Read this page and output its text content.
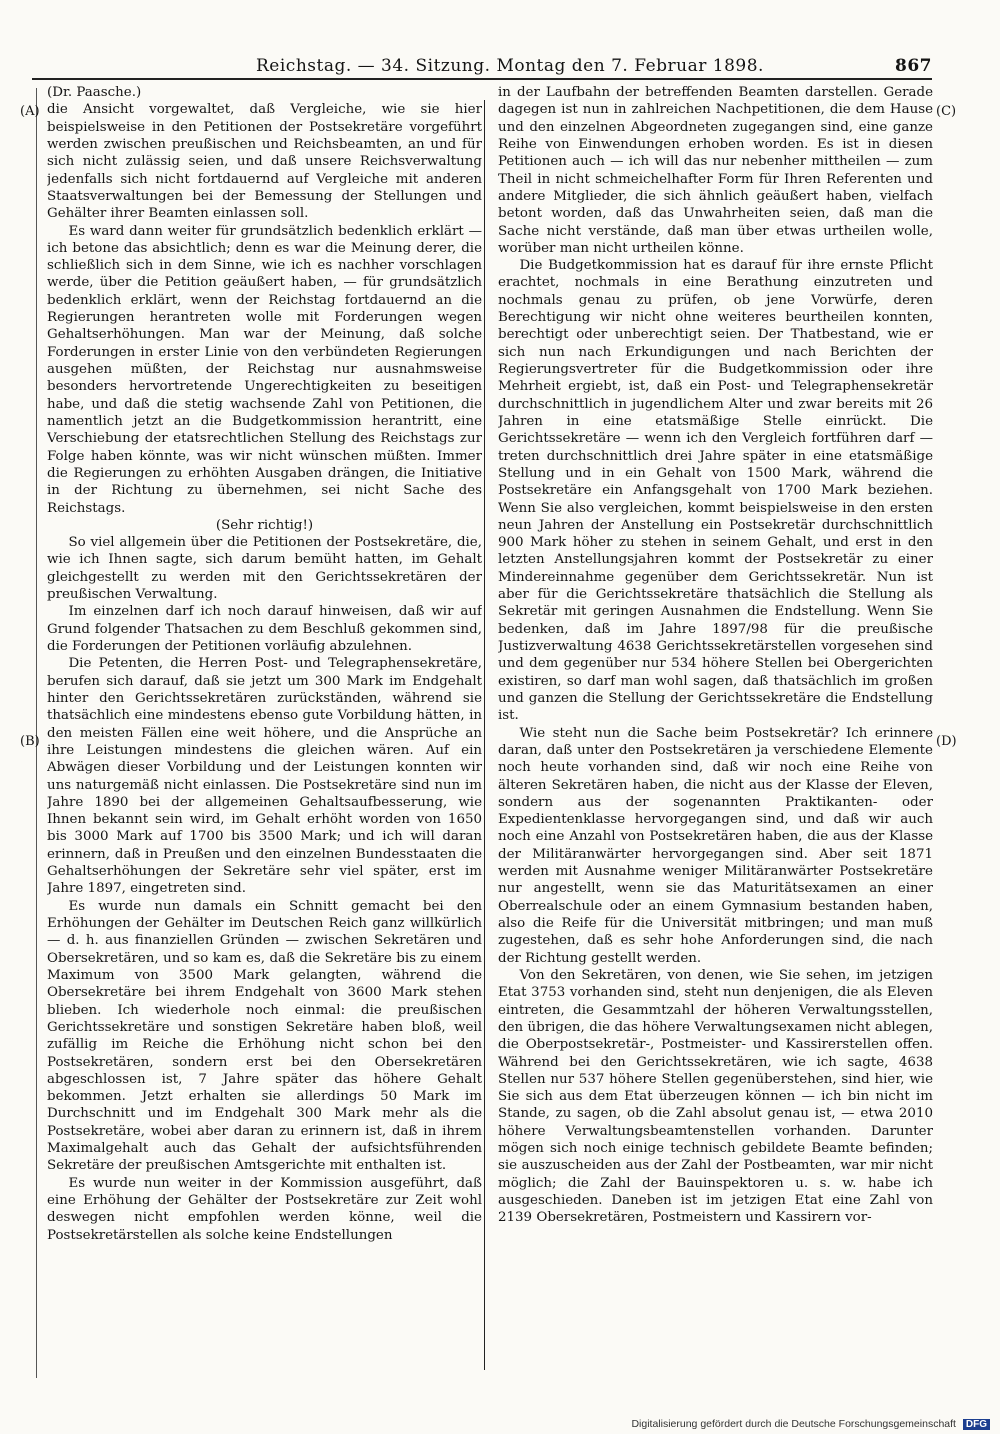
Reichstag. — 34. Sitzung. Montag den 7. Februar 1898.	867
(A)
(B)
(C)
(D)

(Dr. Paasche.)

die Ansicht vorgewaltet, daß Vergleiche, wie sie hier beispielsweise in den Petitionen der Postsekretäre vorgeführt werden zwischen preußischen und Reichsbeamten, an und für sich nicht zulässig seien, und daß unsere Reichsverwaltung jedenfalls sich nicht fortdauernd auf Vergleiche mit anderen Staatsverwaltungen bei der Bemessung der Stellungen und Gehälter ihrer Beamten einlassen soll.

Es ward dann weiter für grundsätzlich bedenklich erklärt — ich betone das absichtlich; denn es war die Meinung derer, die schließlich sich in dem Sinne, wie ich es nachher vorschlagen werde, über die Petition geäußert haben, — für grundsätzlich bedenklich erklärt, wenn der Reichstag fortdauernd an die Regierungen herantreten wolle mit Forderungen wegen Gehaltserhöhungen. Man war der Meinung, daß solche Forderungen in erster Linie von den verbündeten Regierungen ausgehen müßten, der Reichstag nur ausnahmsweise besonders hervortretende Ungerechtigkeiten zu beseitigen habe, und daß die stetig wachsende Zahl von Petitionen, die namentlich jetzt an die Budgetkommission herantritt, eine Verschiebung der etatsrechtlichen Stellung des Reichstags zur Folge haben könnte, was wir nicht wünschen müßten. Immer die Regierungen zu erhöhten Ausgaben drängen, die Initiative in der Richtung zu übernehmen, sei nicht Sache des Reichstags.

(Sehr richtig!)

So viel allgemein über die Petitionen der Postsekretäre, die, wie ich Ihnen sagte, sich darum bemüht hatten, im Gehalt gleichgestellt zu werden mit den Gerichtssekretären der preußischen Verwaltung.

Im einzelnen darf ich noch darauf hinweisen, daß wir auf Grund folgender Thatsachen zu dem Beschluß gekommen sind, die Forderungen der Petitionen vorläufig abzulehnen.

Die Petenten, die Herren Post- und Telegraphensekretäre, berufen sich darauf, daß sie jetzt um 300 Mark im Endgehalt hinter den Gerichtssekretären zurückständen, während sie thatsächlich eine mindestens ebenso gute Vorbildung hätten, in den meisten Fällen eine weit höhere, und die Ansprüche an ihre Leistungen mindestens die gleichen wären. Auf ein Abwägen dieser Vorbildung und der Leistungen konnten wir uns naturgemäß nicht einlassen. Die Postsekretäre sind nun im Jahre 1890 bei der allgemeinen Gehaltsaufbesserung, wie Ihnen bekannt sein wird, im Gehalt erhöht worden von 1650 bis 3000 Mark auf 1700 bis 3500 Mark; und ich will daran erinnern, daß in Preußen und den einzelnen Bundesstaaten die Gehaltserhöhungen der Sekretäre sehr viel später, erst im Jahre 1897, eingetreten sind.

Es wurde nun damals ein Schnitt gemacht bei den Erhöhungen der Gehälter im Deutschen Reich ganz willkürlich — d. h. aus finanziellen Gründen — zwischen Sekretären und Obersekretären, und so kam es, daß die Sekretäre bis zu einem Maximum von 3500 Mark gelangten, während die Obersekretäre bei ihrem Endgehalt von 3600 Mark stehen blieben. Ich wiederhole noch einmal: die preußischen Gerichtssekretäre und sonstigen Sekretäre haben bloß, weil zufällig im Reiche die Erhöhung nicht schon bei den Postsekretären, sondern erst bei den Obersekretären abgeschlossen ist, 7 Jahre später das höhere Gehalt bekommen. Jetzt erhalten sie allerdings 50 Mark im Durchschnitt und im Endgehalt 300 Mark mehr als die Postsekretäre, wobei aber daran zu erinnern ist, daß in ihrem Maximalgehalt auch das Gehalt der aufsichtsführenden Sekretäre der preußischen Amtsgerichte mit enthalten ist.

Es wurde nun weiter in der Kommission ausgeführt, daß eine Erhöhung der Gehälter der Postsekretäre zur Zeit wohl deswegen nicht empfohlen werden könne, weil die Postsekretärstellen als solche keine Endstellungen

in der Laufbahn der betreffenden Beamten darstellen. Gerade dagegen ist nun in zahlreichen Nachpetitionen, die dem Hause und den einzelnen Abgeordneten zugegangen sind, eine ganze Reihe von Einwendungen erhoben worden. Es ist in diesen Petitionen auch — ich will das nur nebenher mittheilen — zum Theil in nicht schmeichelhafter Form für Ihren Referenten und andere Mitglieder, die sich ähnlich geäußert haben, vielfach betont worden, daß das Unwahrheiten seien, daß man die Sache nicht verstände, daß man über etwas urtheilen wolle, worüber man nicht urtheilen könne.

Die Budgetkommission hat es darauf für ihre ernste Pflicht erachtet, nochmals in eine Berathung einzutreten und nochmals genau zu prüfen, ob jene Vorwürfe, deren Berechtigung wir nicht ohne weiteres beurtheilen konnten, berechtigt oder unberechtigt seien. Der Thatbestand, wie er sich nun nach Erkundigungen und nach Berichten der Regierungsvertreter für die Budgetkommission oder ihre Mehrheit ergiebt, ist, daß ein Post- und Telegraphensekretär durchschnittlich in jugendlichem Alter und zwar bereits mit 26 Jahren in eine etatsmäßige Stelle einrückt. Die Gerichtssekretäre — wenn ich den Vergleich fortführen darf — treten durchschnittlich drei Jahre später in eine etatsmäßige Stellung und in ein Gehalt von 1500 Mark, während die Postsekretäre ein Anfangsgehalt von 1700 Mark beziehen. Wenn Sie also vergleichen, kommt beispielsweise in den ersten neun Jahren der Anstellung ein Postsekretär durchschnittlich 900 Mark höher zu stehen in seinem Gehalt, und erst in den letzten Anstellungsjahren kommt der Postsekretär zu einer Mindereinnahme gegenüber dem Gerichtssekretär. Nun ist aber für die Gerichtssekretäre thatsächlich die Stellung als Sekretär mit geringen Ausnahmen die Endstellung. Wenn Sie bedenken, daß im Jahre 1897/98 für die preußische Justizverwaltung 4638 Gerichtssekretärstellen vorgesehen sind und dem gegenüber nur 534 höhere Stellen bei Obergerichten existiren, so darf man wohl sagen, daß thatsächlich im großen und ganzen die Stellung der Gerichtssekretäre die Endstellung ist.

Wie steht nun die Sache beim Postsekretär? Ich erinnere daran, daß unter den Postsekretären ja verschiedene Elemente noch heute vorhanden sind, daß wir noch eine Reihe von älteren Sekretären haben, die nicht aus der Klasse der Eleven, sondern aus der sogenannten Praktikanten- oder Expedientenklasse hervorgegangen sind, und daß wir auch noch eine Anzahl von Postsekretären haben, die aus der Klasse der Militäranwärter hervorgegangen sind. Aber seit 1871 werden mit Ausnahme weniger Militäranwärter Postsekretäre nur angestellt, wenn sie das Maturitätsexamen an einer Oberrealschule oder an einem Gymnasium bestanden haben, also die Reife für die Universität mitbringen; und man muß zugestehen, daß es sehr hohe Anforderungen sind, die nach der Richtung gestellt werden.

Von den Sekretären, von denen, wie Sie sehen, im jetzigen Etat 3753 vorhanden sind, steht nun denjenigen, die als Eleven eintreten, die Gesammtzahl der höheren Verwaltungsstellen, den übrigen, die das höhere Verwaltungsexamen nicht ablegen, die Oberpostsekretär-, Postmeister- und Kassirerstellen offen. Während bei den Gerichtssekretären, wie ich sagte, 4638 Stellen nur 537 höhere Stellen gegenüberstehen, sind hier, wie Sie sich aus dem Etat überzeugen können — ich bin nicht im Stande, zu sagen, ob die Zahl absolut genau ist, — etwa 2010 höhere Verwaltungsbeamtenstellen vorhanden. Darunter mögen sich noch einige technisch gebildete Beamte befinden; sie auszuscheiden aus der Zahl der Postbeamten, war mir nicht möglich; die Zahl der Bauinspektoren u. s. w. habe ich ausgeschieden. Daneben ist im jetzigen Etat eine Zahl von 2139 Obersekretären, Postmeistern und Kassirern vor-

Digitalisierung gefördert durch die Deutsche Forschungsgemeinschaft DFG
